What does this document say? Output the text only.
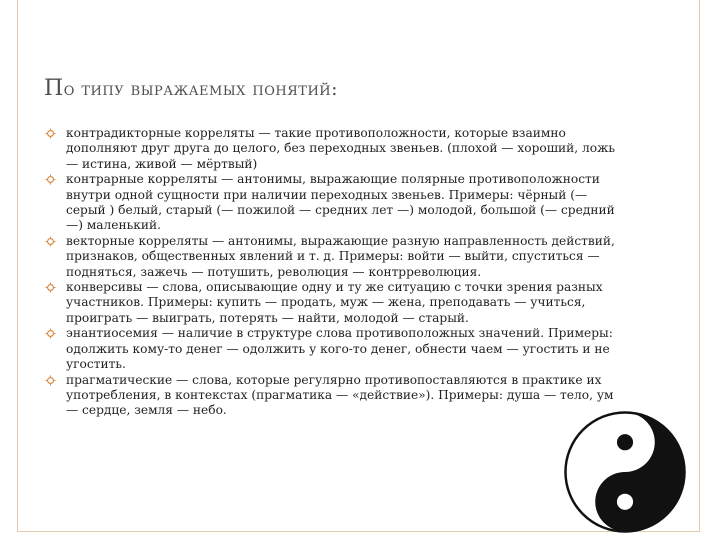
По типу выражаемых понятий:
контрадикторные корреляты — такие противоположности, которые взаимно дополняют друг друга до целого, без переходных звеньев. (плохой — хороший, ложь — истина, живой — мёртвый)
контрарные корреляты — антонимы, выражающие полярные противоположности внутри одной сущности при наличии переходных звеньев. Примеры: чёрный (— серый ) белый, старый (— пожилой — средних лет —) молодой, большой (— средний —) маленький.
векторные корреляты — антонимы, выражающие разную направленность действий, признаков, общественных явлений и т. д. Примеры: войти — выйти, спуститься — подняться, зажечь — потушить, революция — контрреволюция.
конверсивы — слова, описывающие одну и ту же ситуацию с точки зрения разных участников. Примеры: купить — продать, муж — жена, преподавать — учиться, проиграть — выиграть, потерять — найти, молодой — старый.
энантиосемия — наличие в структуре слова противоположных значений. Примеры: одолжить кому-то денег — одолжить у кого-то денег, обнести чаем — угостить и не угостить.
прагматические — слова, которые регулярно противопоставляются в практике их употребления, в контекстах (прагматика — «действие»). Примеры: душа — тело, ум — сердце, земля — небо.
